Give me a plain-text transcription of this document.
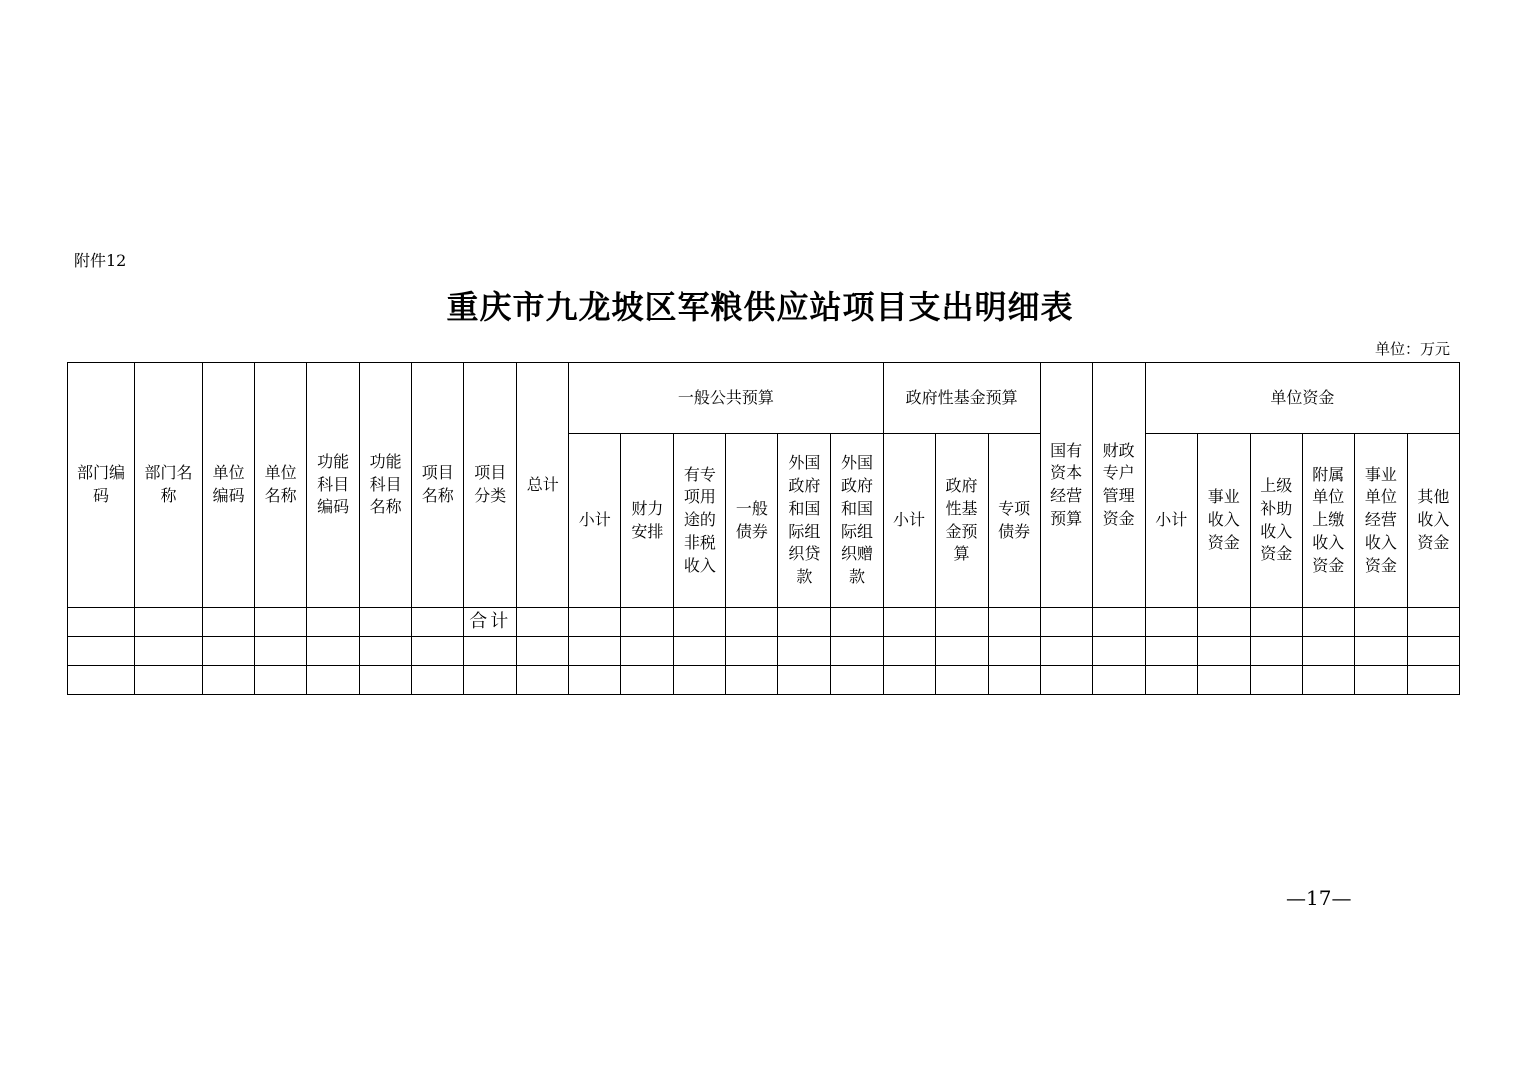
附件12
重庆市九龙坡区军粮供应站项目支出明细表
单位：万元
部门编码	部门名称	单位编码	单位名称	功能科目编码	功能科目名称	项目名称	项目分类	总计	一般公共预算						政府性基金预算			国有资本经营预算	财政专户管理资金	单位资金					
									小计	财力安排	有专项用途的非税收入	一般债券	外国政府和国际组织贷款	外国政府和国际组织赠款	小计	政府性基金预算	专项债券			小计	事业收入资金	上级补助收入资金	附属单位上缴收入资金	事业单位经营收入资金	其他收入资金
							合计																		

—17—
